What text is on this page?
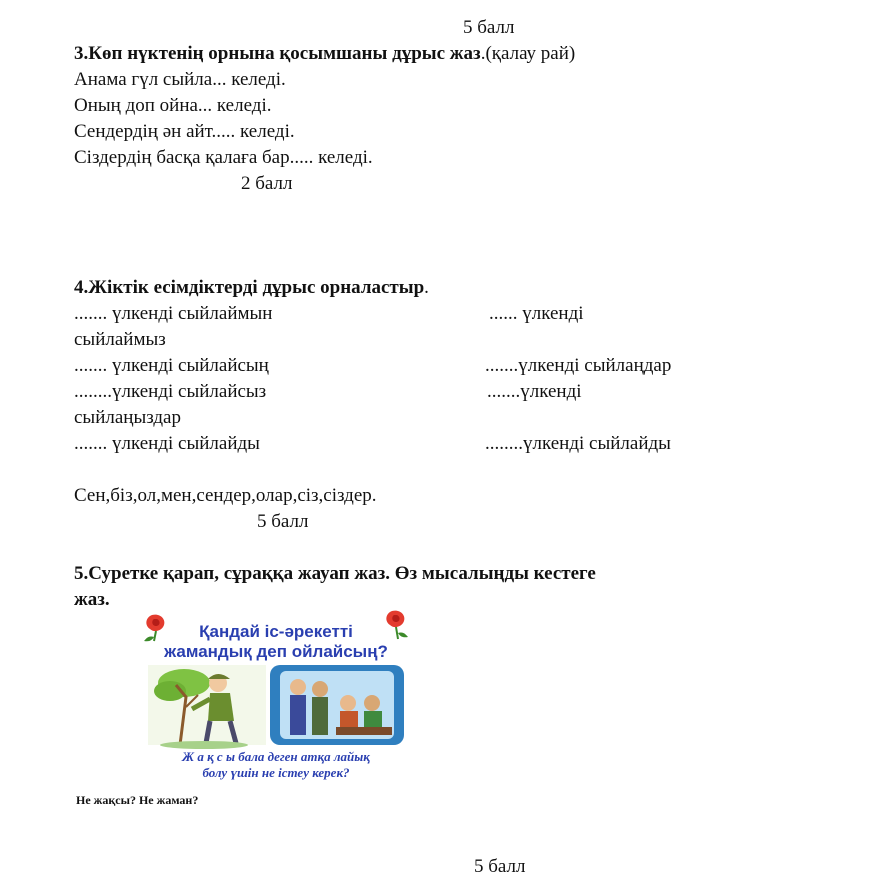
5 балл
3.Көп нүктенің орнына қосымшаны дұрыс жаз.(қалау рай)
Анама гүл сыйла... келеді.
Оның доп ойна... келеді.
Сендердің ән айт..... келеді.
Сіздердің басқа қалаға бар..... келеді.
2 балл
4.Жіктік есімдіктерді дұрыс орналастыр.
....... үлкенді сыйлаймын	...... үлкенді
сыйлаймыз
....... үлкенді сыйлайсың	.......үлкенді сыйлаңдар
........үлкенді сыйлайсыз	.......үлкенді
сыйлаңыздар
....... үлкенді сыйлайды	........үлкенді сыйлайды
Сен,біз,ол,мен,сендер,олар,сіз,сіздер.
5 балл
5.Суретке қарап, сұраққа жауап жаз. Өз мысалыңды кестеге
жаз.
Қандай іс-әрекетті
жамандық деп ойлайсың?
Ж а қ с ы бала деген атқа лайық
болу үшін не істеу керек?
Не жақсы? Не жаман?
5 балл
